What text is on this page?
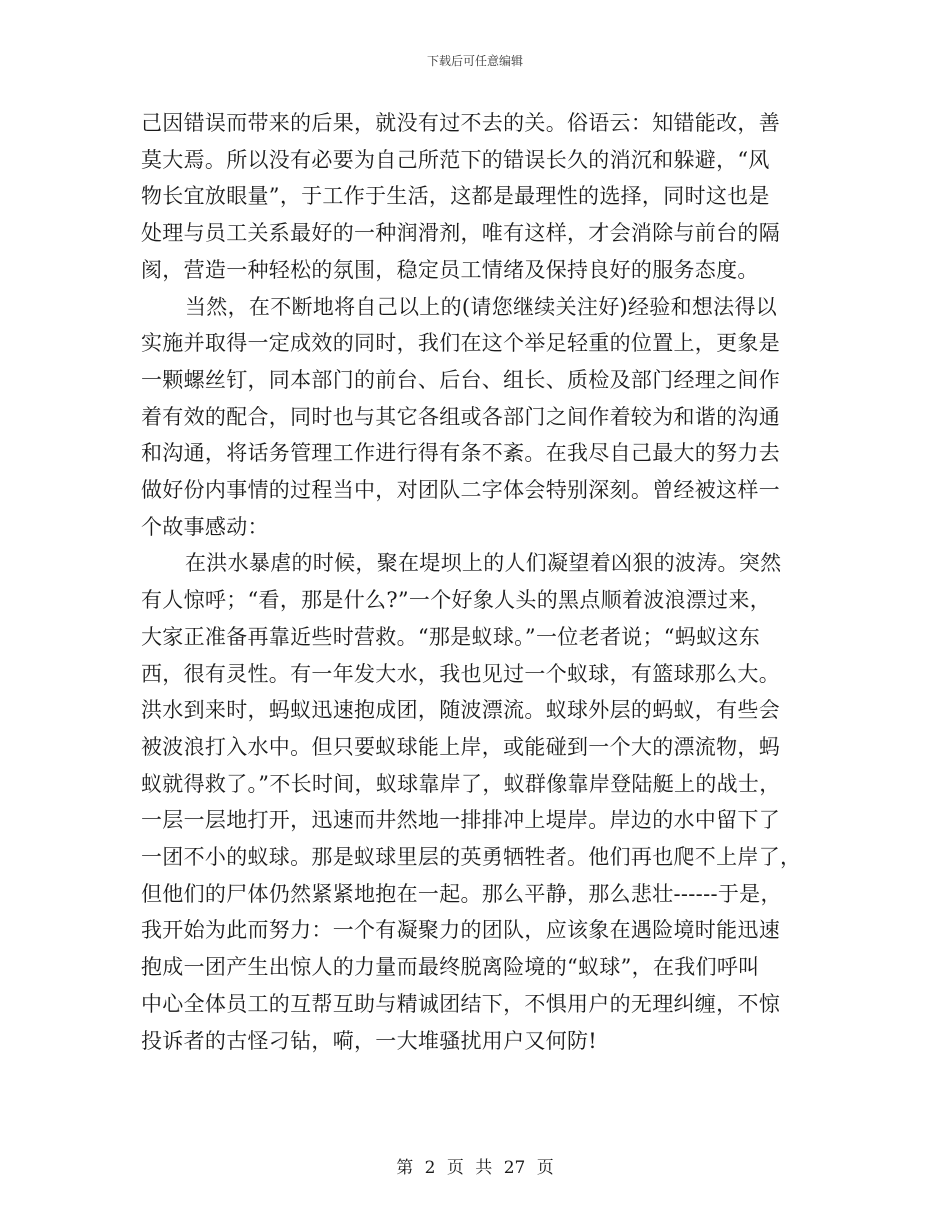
下载后可任意编辑

己因错误而带来的后果，就没有过不去的关。俗语云：知错能改，善
莫大焉。所以没有必要为自己所范下的错误长久的消沉和躲避，“风
物长宜放眼量”，于工作于生活，这都是最理性的选择，同时这也是
处理与员工关系最好的一种润滑剂，唯有这样，才会消除与前台的隔
阂，营造一种轻松的氛围，稳定员工情绪及保持良好的服务态度。

当然，在不断地将自己以上的(请您继续关注好)经验和想法得以
实施并取得一定成效的同时，我们在这个举足轻重的位置上，更象是
一颗螺丝钉，同本部门的前台、后台、组长、质检及部门经理之间作
着有效的配合，同时也与其它各组或各部门之间作着较为和谐的沟通
和沟通，将话务管理工作进行得有条不紊。在我尽自己最大的努力去
做好份内事情的过程当中，对团队二字体会特别深刻。曾经被这样一
个故事感动：

在洪水暴虐的时候，聚在堤坝上的人们凝望着凶狠的波涛。突然
有人惊呼；“看，那是什么?”一个好象人头的黑点顺着波浪漂过来，
大家正准备再靠近些时营救。“那是蚁球。”一位老者说；“蚂蚁这东
西，很有灵性。有一年发大水，我也见过一个蚁球，有篮球那么大。
洪水到来时，蚂蚁迅速抱成团，随波漂流。蚁球外层的蚂蚁，有些会
被波浪打入水中。但只要蚁球能上岸，或能碰到一个大的漂流物，蚂
蚁就得救了。”不长时间，蚁球靠岸了，蚁群像靠岸登陆艇上的战士，
一层一层地打开，迅速而井然地一排排冲上堤岸。岸边的水中留下了
一团不小的蚁球。那是蚁球里层的英勇牺牲者。他们再也爬不上岸了，
但他们的尸体仍然紧紧地抱在一起。那么平静，那么悲壮------于是，
我开始为此而努力：一个有凝聚力的团队，应该象在遇险境时能迅速
抱成一团产生出惊人的力量而最终脱离险境的“蚁球”，在我们呼叫
中心全体员工的互帮互助与精诚团结下，不惧用户的无理纠缠，不惊
投诉者的古怪刁钻，嗬，一大堆骚扰用户又何防!

第 2 页 共 27 页
